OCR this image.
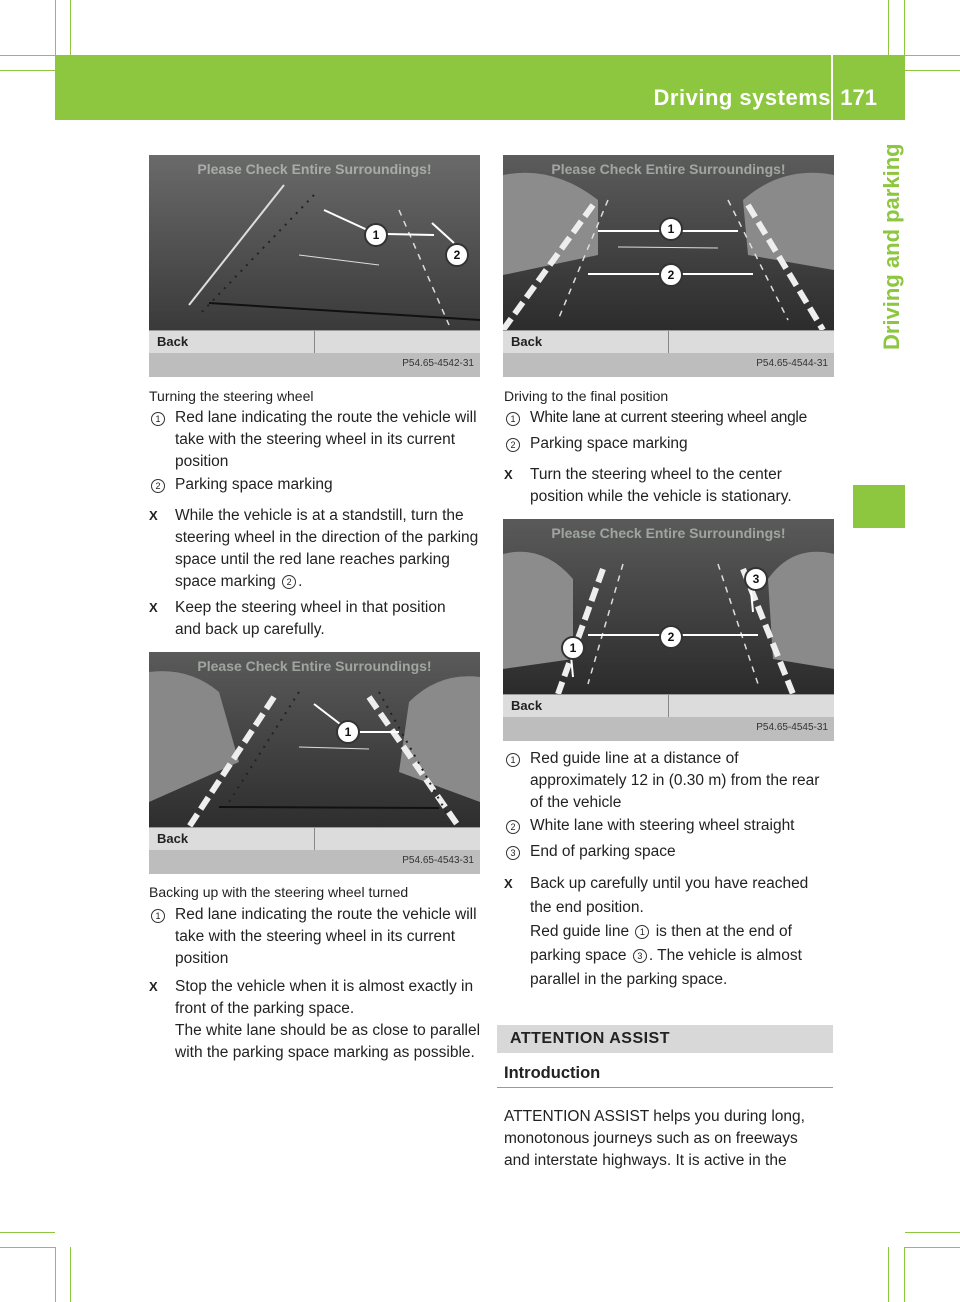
Driving systems 171
Driving and parking
Please Check Entire Surroundings!
1
2
Back
P54.65-4542-31
Turning the steering wheel
1 Red lane indicating the route the vehicle will take with the steering wheel in its current position
2 Parking space marking
X While the vehicle is at a standstill, turn the steering wheel in the direction of the parking space until the red lane reaches parking space marking 2 .
X Keep the steering wheel in that position and back up carefully.
Please Check Entire Surroundings!
1
Back
P54.65-4543-31
Backing up with the steering wheel turned
1 Red lane indicating the route the vehicle will take with the steering wheel in its current position
X Stop the vehicle when it is almost exactly in front of the parking space.
The white lane should be as close to parallel with the parking space marking as possible.
Please Check Entire Surroundings!
1
2
Back
P54.65-4544-31
Driving to the final position
1 White lane at current steering wheel angle
2 Parking space marking
X Turn the steering wheel to the center position while the vehicle is stationary.
Please Check Entire Surroundings!
1
2
3
Back
P54.65-4545-31
1 Red guide line at a distance of approximately 12 in (0.30 m) from the rear of the vehicle
2 White lane with steering wheel straight
3 End of parking space
X Back up carefully until you have reached the end position.
Red guide line 1 is then at the end of parking space 3 . The vehicle is almost parallel in the parking space.
ATTENTION ASSIST
Introduction
ATTENTION ASSIST helps you during long, monotonous journeys such as on freeways and interstate highways. It is active in the
